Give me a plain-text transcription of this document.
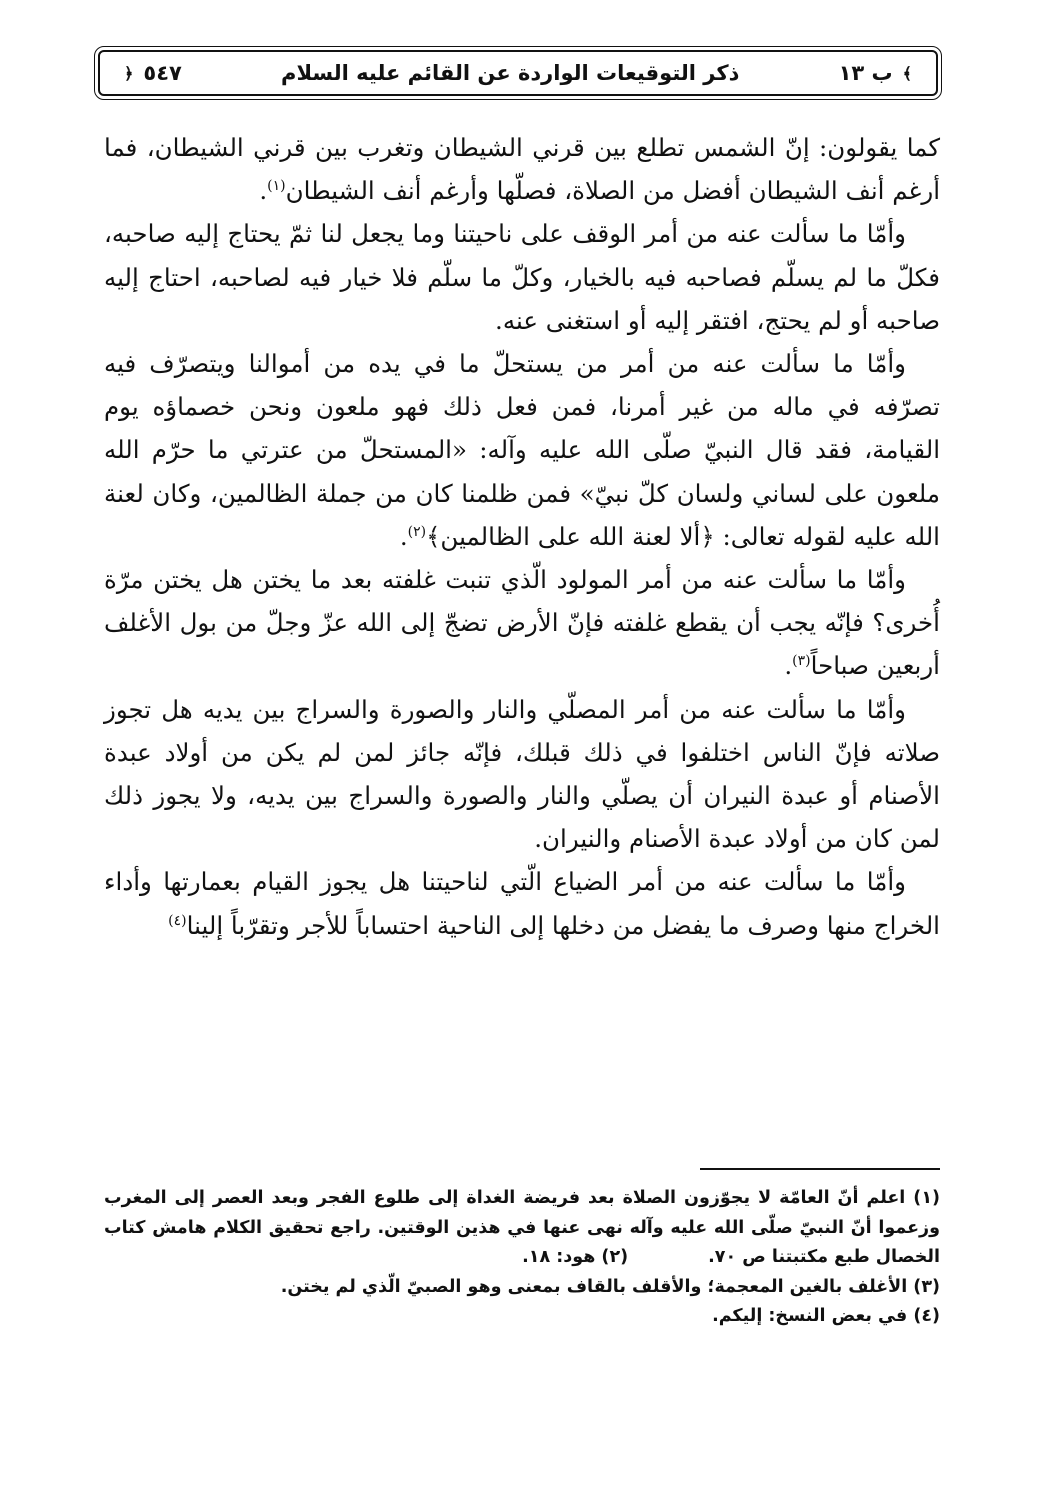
﴾
ب ١٣
ذكر التوقيعات الواردة عن القائم عليه السلام
٥٤٧
﴿

كما يقولون: إنّ الشمس تطلع بين قرني الشيطان وتغرب بين قرني الشيطان، فما أرغم أنف الشيطان أفضل من الصلاة، فصلّها وأرغم أنف الشيطان$^{(١)}$.

وأمّا ما سألت عنه من أمر الوقف على ناحيتنا وما يجعل لنا ثمّ يحتاج إليه صاحبه، فكلّ ما لم يسلّم فصاحبه فيه بالخيار، وكلّ ما سلّم فلا خيار فيه لصاحبه، احتاج إليه صاحبه أو لم يحتج، افتقر إليه أو استغنى عنه.

وأمّا ما سألت عنه من أمر من يستحلّ ما في يده من أموالنا ويتصرّف فيه تصرّفه في ماله من غير أمرنا، فمن فعل ذلك فهو ملعون ونحن خصماؤه يوم القيامة، فقد قال النبيّ صلّى الله عليه وآله: «المستحلّ من عترتي ما حرّم الله ملعون على لساني ولسان كلّ نبيّ» فمن ظلمنا كان من جملة الظالمين، وكان لعنة الله عليه لقوله تعالى: ﴿ألا لعنة الله على الظالمين﴾$^{(٢)}$.

وأمّا ما سألت عنه من أمر المولود الّذي تنبت غلفته بعد ما يختن هل يختن مرّة أُخرى؟ فإنّه يجب أن يقطع غلفته فإنّ الأرض تضجّ إلى الله عزّ وجلّ من بول الأغلف أربعين صباحاً$^{(٣)}$.

وأمّا ما سألت عنه من أمر المصلّي والنار والصورة والسراج بين يديه هل تجوز صلاته فإنّ الناس اختلفوا في ذلك قبلك، فإنّه جائز لمن لم يكن من أولاد عبدة الأصنام أو عبدة النيران أن يصلّي والنار والصورة والسراج بين يديه، ولا يجوز ذلك لمن كان من أولاد عبدة الأصنام والنيران.

وأمّا ما سألت عنه من أمر الضياع الّتي لناحيتنا هل يجوز القيام بعمارتها وأداء الخراج منها وصرف ما يفضل من دخلها إلى الناحية احتساباً للأجر وتقرّباً إلينا$^{(٤)}$

(١) اعلم أنّ العامّة لا يجوّزون الصلاة بعد فريضة الغداة إلى طلوع الفجر وبعد العصر إلى المغرب وزعموا أنّ النبيّ صلّى الله عليه وآله نهى عنها في هذين الوقتين. راجع تحقيق الكلام هامش كتاب الخصال طبع مكتبتنا ص ٧٠.(٢) هود: ١٨.

(٣) الأغلف بالغين المعجمة؛ والأقلف بالقاف بمعنى وهو الصبيّ الّذي لم يختن.

(٤) في بعض النسخ: إليكم.
